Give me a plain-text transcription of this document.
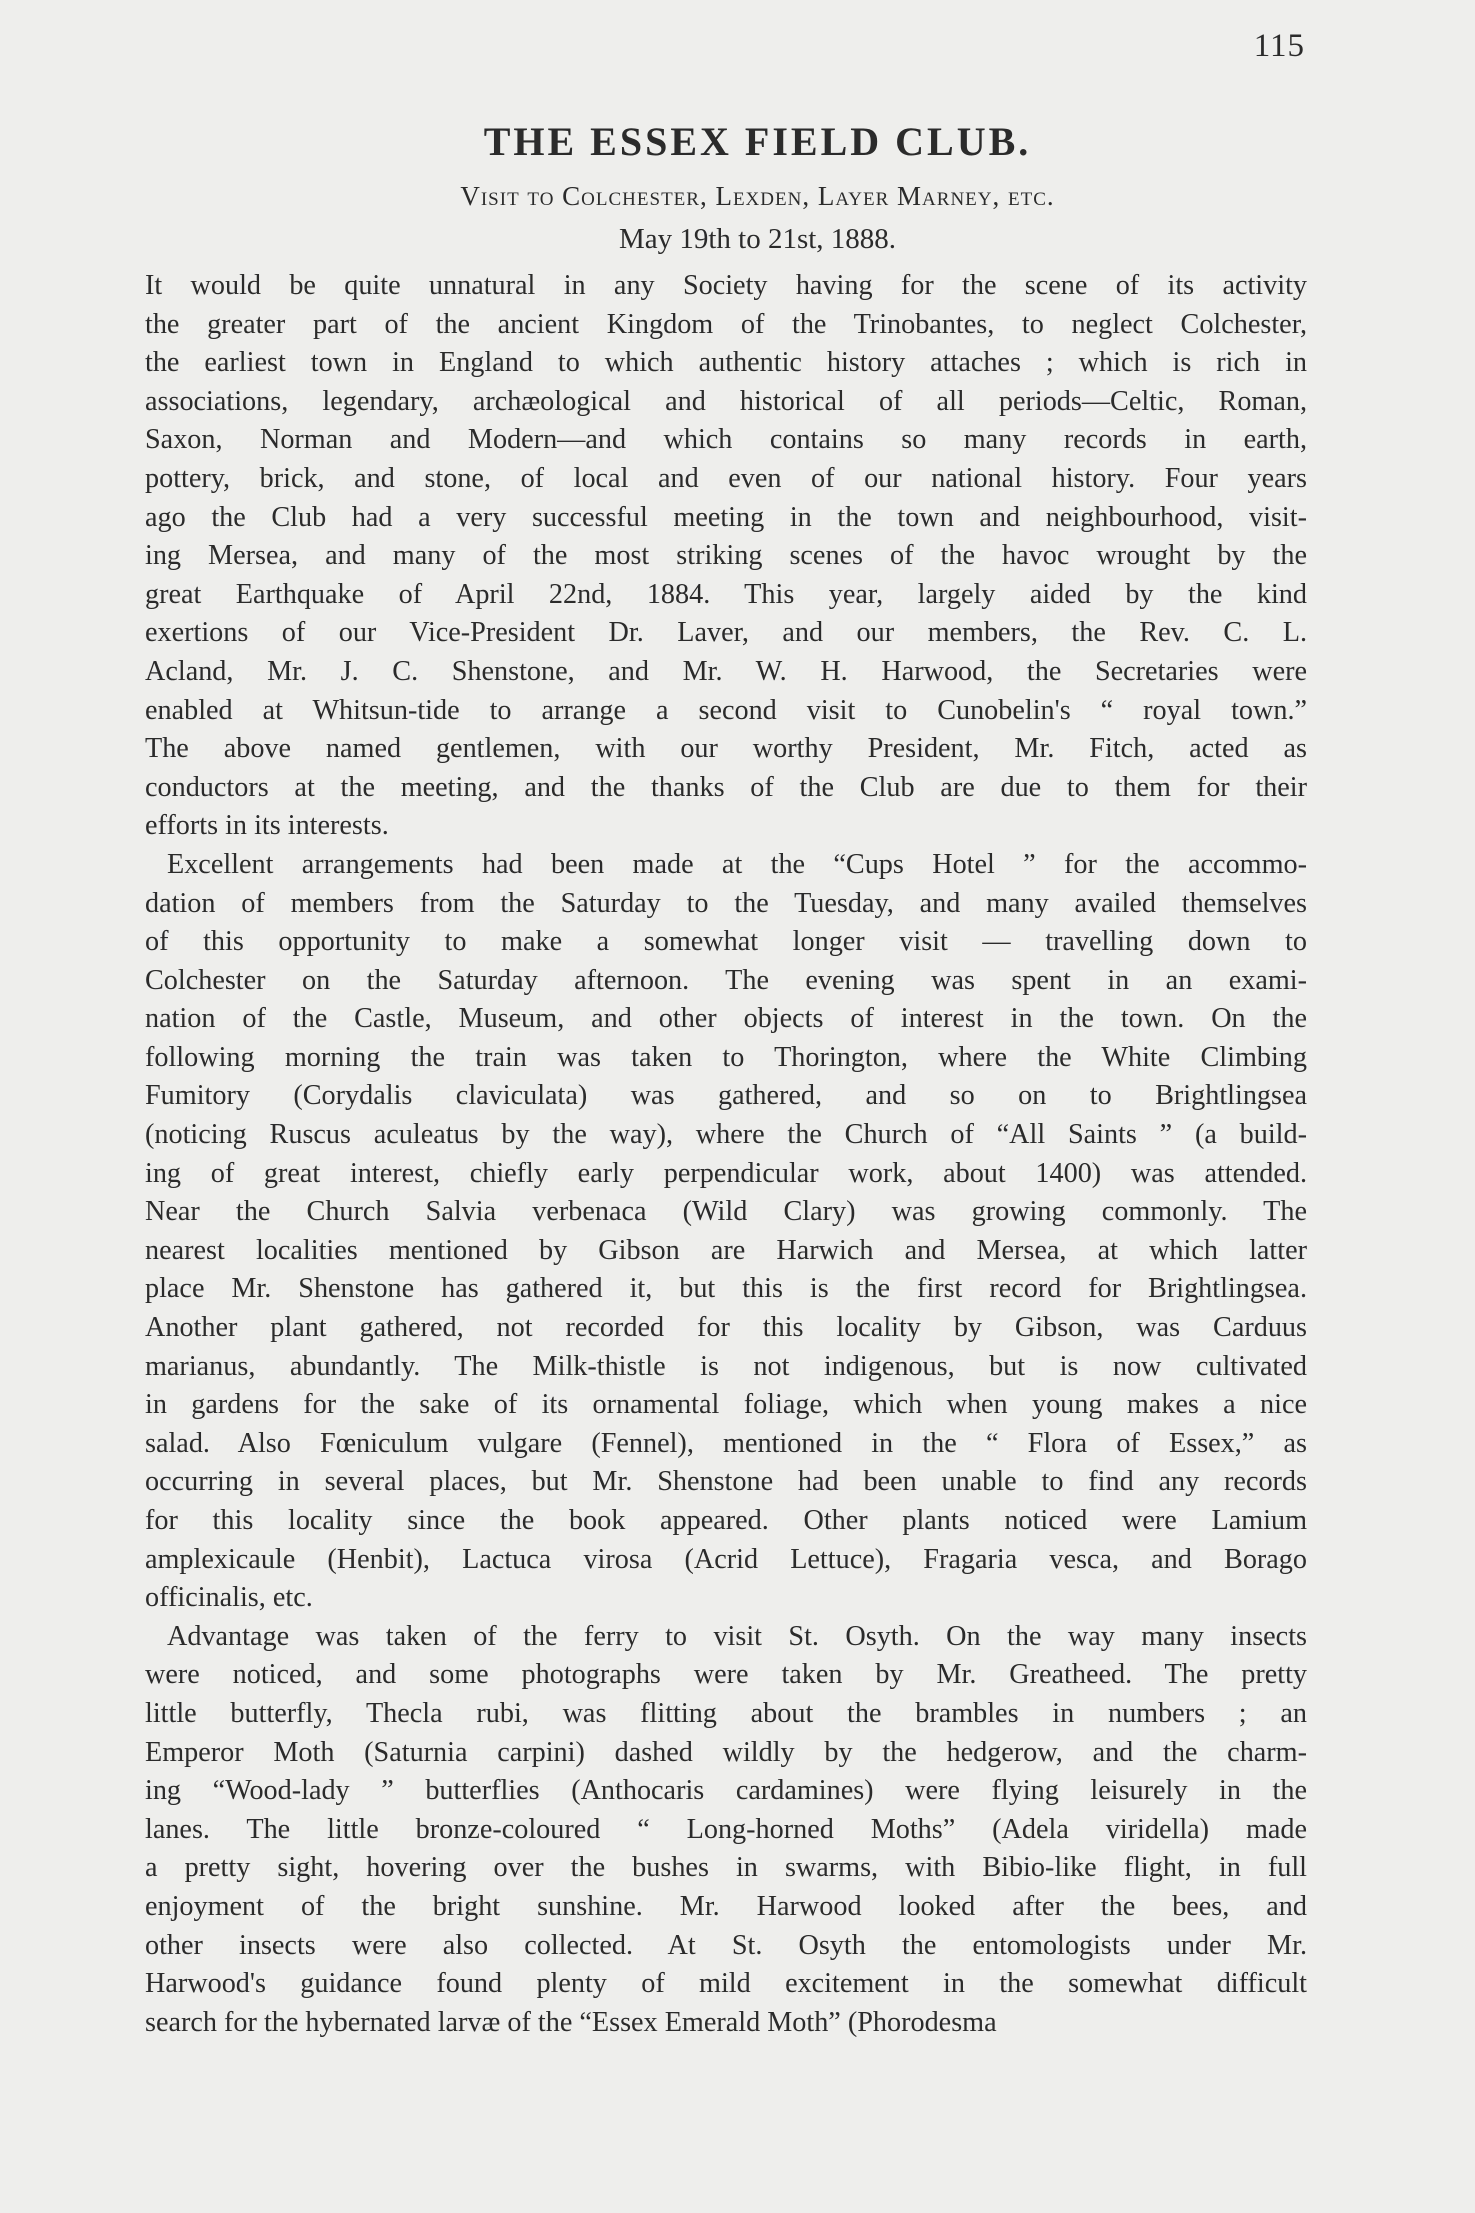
115
THE ESSEX FIELD CLUB.
Visit to Colchester, Lexden, Layer Marney, etc.
May 19th to 21st, 1888.
It would be quite unnatural in any Society having for the scene of its activity
the greater part of the ancient Kingdom of the Trinobantes, to neglect Colchester,
the earliest town in England to which authentic history attaches ; which is rich in
associations, legendary, archæological and historical of all periods—Celtic, Roman,
Saxon, Norman and Modern—and which contains so many records in earth,
pottery, brick, and stone, of local and even of our national history. Four years
ago the Club had a very successful meeting in the town and neighbourhood, visit-
ing Mersea, and many of the most striking scenes of the havoc wrought by the
great Earthquake of April 22nd, 1884. This year, largely aided by the kind
exertions of our Vice-President Dr. Laver, and our members, the Rev. C. L.
Acland, Mr. J. C. Shenstone, and Mr. W. H. Harwood, the Secretaries were
enabled at Whitsun-tide to arrange a second visit to Cunobelin's “ royal town.”
The above named gentlemen, with our worthy President, Mr. Fitch, acted as
conductors at the meeting, and the thanks of the Club are due to them for their
efforts in its interests.
Excellent arrangements had been made at the “Cups Hotel ” for the accommo-
dation of members from the Saturday to the Tuesday, and many availed themselves
of this opportunity to make a somewhat longer visit — travelling down to
Colchester on the Saturday afternoon. The evening was spent in an exami-
nation of the Castle, Museum, and other objects of interest in the town. On the
following morning the train was taken to Thorington, where the White Climbing
Fumitory (Corydalis claviculata) was gathered, and so on to Brightlingsea
(noticing Ruscus aculeatus by the way), where the Church of “All Saints ” (a build-
ing of great interest, chiefly early perpendicular work, about 1400) was attended.
Near the Church Salvia verbenaca (Wild Clary) was growing commonly. The
nearest localities mentioned by Gibson are Harwich and Mersea, at which latter
place Mr. Shenstone has gathered it, but this is the first record for Brightlingsea.
Another plant gathered, not recorded for this locality by Gibson, was Carduus
marianus, abundantly. The Milk-thistle is not indigenous, but is now cultivated
in gardens for the sake of its ornamental foliage, which when young makes a nice
salad. Also Fœniculum vulgare (Fennel), mentioned in the “ Flora of Essex,” as
occurring in several places, but Mr. Shenstone had been unable to find any records
for this locality since the book appeared. Other plants noticed were Lamium
amplexicaule (Henbit), Lactuca virosa (Acrid Lettuce), Fragaria vesca, and Borago
officinalis, etc.
Advantage was taken of the ferry to visit St. Osyth. On the way many insects
were noticed, and some photographs were taken by Mr. Greatheed. The pretty
little butterfly, Thecla rubi, was flitting about the brambles in numbers ; an
Emperor Moth (Saturnia carpini) dashed wildly by the hedgerow, and the charm-
ing “Wood-lady ” butterflies (Anthocaris cardamines) were flying leisurely in the
lanes. The little bronze-coloured “ Long-horned Moths” (Adela viridella) made
a pretty sight, hovering over the bushes in swarms, with Bibio-like flight, in full
enjoyment of the bright sunshine. Mr. Harwood looked after the bees, and
other insects were also collected. At St. Osyth the entomologists under Mr.
Harwood's guidance found plenty of mild excitement in the somewhat difficult
search for the hybernated larvæ of the “Essex Emerald Moth” (Phorodesma
